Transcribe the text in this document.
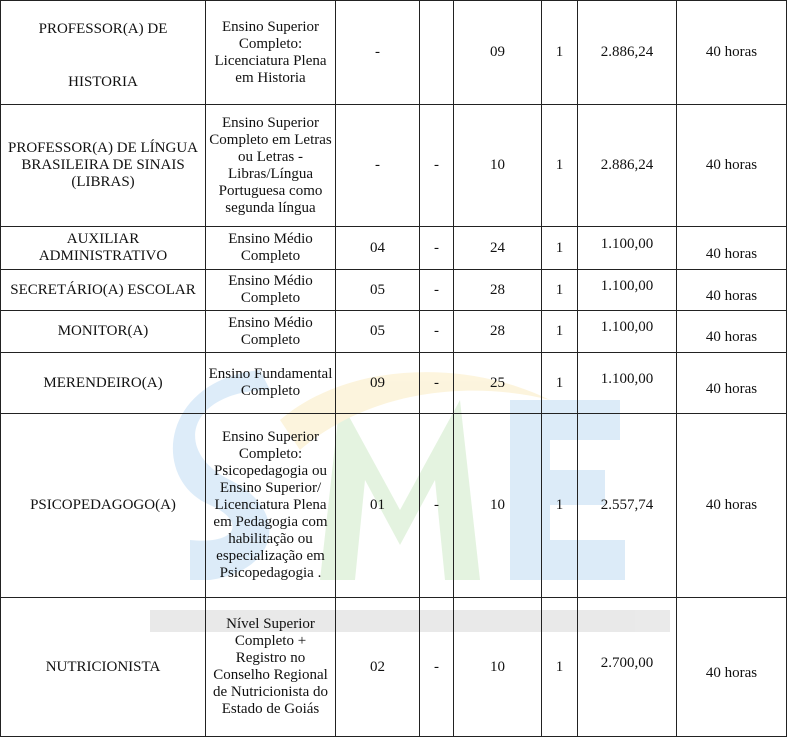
PROFESSOR(A) DE
HISTORIA	Ensino Superior Completo: Licenciatura Plena em Historia	-		09	1	2.886,24	40 horas
PROFESSOR(A) DE LÍNGUA BRASILEIRA DE SINAIS (LIBRAS)	Ensino Superior Completo em Letras ou Letras - Libras/Língua Portuguesa como segunda língua	-	-	10	1	2.886,24	40 horas
AUXILIAR ADMINISTRATIVO	Ensino Médio Completo	04	-	24	1	1.100,00	40 horas
SECRETÁRIO(A) ESCOLAR	Ensino Médio Completo	05	-	28	1	1.100,00	40 horas
MONITOR(A)	Ensino Médio Completo	05	-	28	1	1.100,00	40 horas
MERENDEIRO(A)	Ensino Fundamental Completo	09	-	25	1	1.100,00	40 horas
PSICOPEDAGOGO(A)	Ensino Superior Completo: Psicopedagogia ou Ensino Superior/ Licenciatura Plena em Pedagogia com habilitação ou especialização em Psicopedagogia .	01	-	10	1	2.557,74	40 horas
NUTRICIONISTA	Nível Superior Completo + Registro no Conselho Regional de Nutricionista do Estado de Goiás	02	-	10	1	2.700,00	40 horas
